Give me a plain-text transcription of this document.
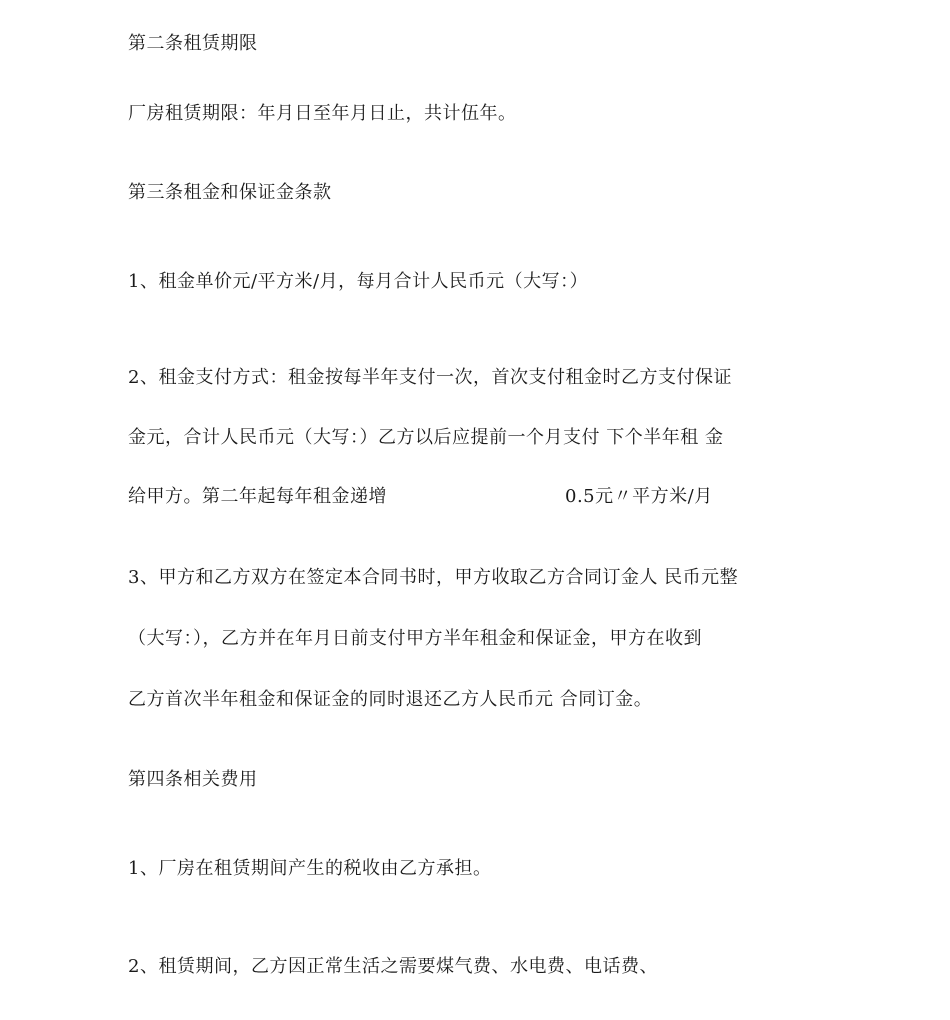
第二条租赁期限
厂房租赁期限：年月日至年月日止，共计伍年。
第三条租金和保证金条款
1、租金单价元/平方米/月，每月合计人民币元（大写：）
2、租金支付方式：租金按每半年支付一次，首次支付租金时乙方支付保证
金元，合计人民币元（大写：）乙方以后应提前一个月支付 下个半年租 金
给甲方。第二年起每年租金递增	0.5元〃平方米/月
3、甲方和乙方双方在签定本合同书时，甲方收取乙方合同订金人 民币元整
（大写：），乙方并在年月日前支付甲方半年租金和保证金，甲方在收到
乙方首次半年租金和保证金的同时退还乙方人民币元 合同订金。
第四条相关费用
1、厂房在租赁期间产生的税收由乙方承担。
2、租赁期间，乙方因正常生活之需要煤气费、水电费、电话费、
